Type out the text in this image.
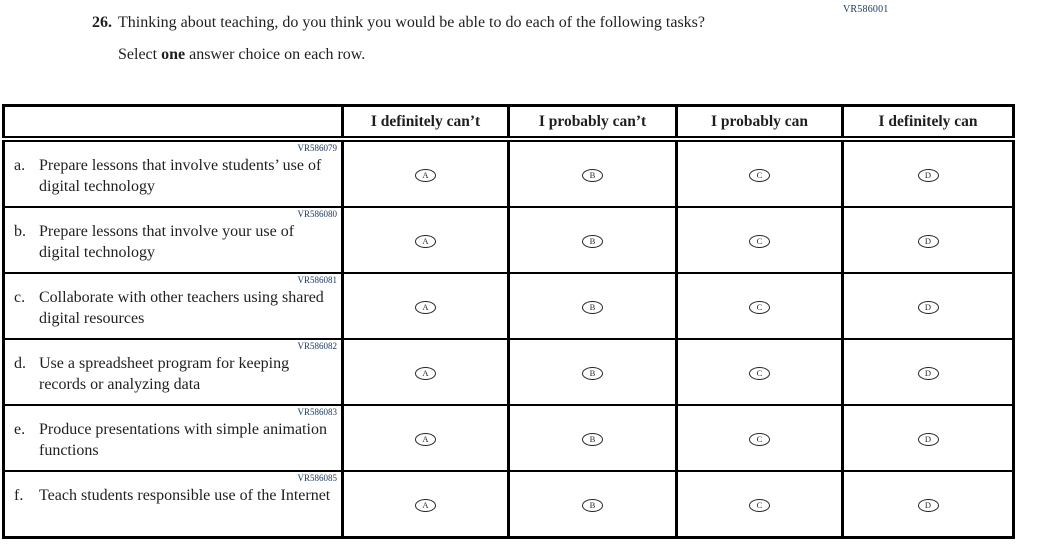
VR586001
26. Thinking about teaching, do you think you would be able to do each of the following tasks?
Select one answer choice on each row.
	I definitely can’t	I probably can’t	I probably can	I definitely can

VR586079
a. Prepare lessons that involve students’ use of digital technology	A	B	C	D

VR586080
b. Prepare lessons that involve your use of digital technology	A	B	C	D

VR586081
c. Collaborate with other teachers using shared digital resources	A	B	C	D

VR586082
d. Use a spreadsheet program for keeping records or analyzing data	A	B	C	D

VR586083
e. Produce presentations with simple animation functions	A	B	C	D

VR586085
f. Teach students responsible use of the Internet	A	B	C	D
